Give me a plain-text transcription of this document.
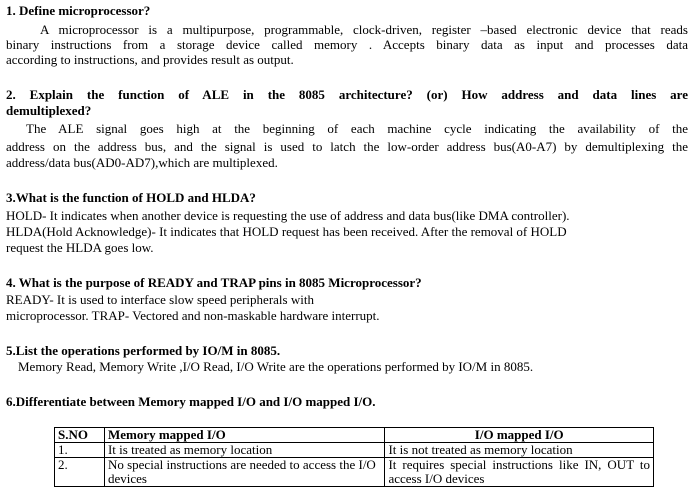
1. Define microprocessor?
A microprocessor is a multipurpose, programmable, clock-driven, register –based electronic device that reads
binary instructions from a storage device called memory . Accepts binary data as input and processes data
according to instructions, and provides result as output.
2. Explain the function of ALE in the 8085 architecture? (or) How address and data lines are
demultiplexed?
The ALE signal goes high at the beginning of each machine cycle indicating the availability of the
address on the address bus, and the signal is used to latch the low-order address bus(A0-A7) by demultiplexing the
address/data bus(AD0-AD7),which are multiplexed.
3.What is the function of HOLD and HLDA?
HOLD- It indicates when another device is requesting the use of address and data bus(like DMA controller).
HLDA(Hold Acknowledge)- It indicates that HOLD request has been received. After the removal of HOLD
request the HLDA goes low.
4. What is the purpose of READY and TRAP pins in 8085 Microprocessor?
READY- It is used to interface slow speed peripherals with
microprocessor. TRAP- Vectored and non-maskable hardware interrupt.
5.List the operations performed by IO/M in 8085.
Memory Read, Memory Write ,I/O Read, I/O Write are the operations performed by IO/M in 8085.
6.Differentiate between Memory mapped I/O and I/O mapped I/O.
S.NO	Memory mapped I/O	I/O mapped I/O
1.	It is treated as memory location	It is not treated as memory location
2.	No special instructions are needed to access the I/O devices	It requires special instructions like IN, OUT to access I/O devices
